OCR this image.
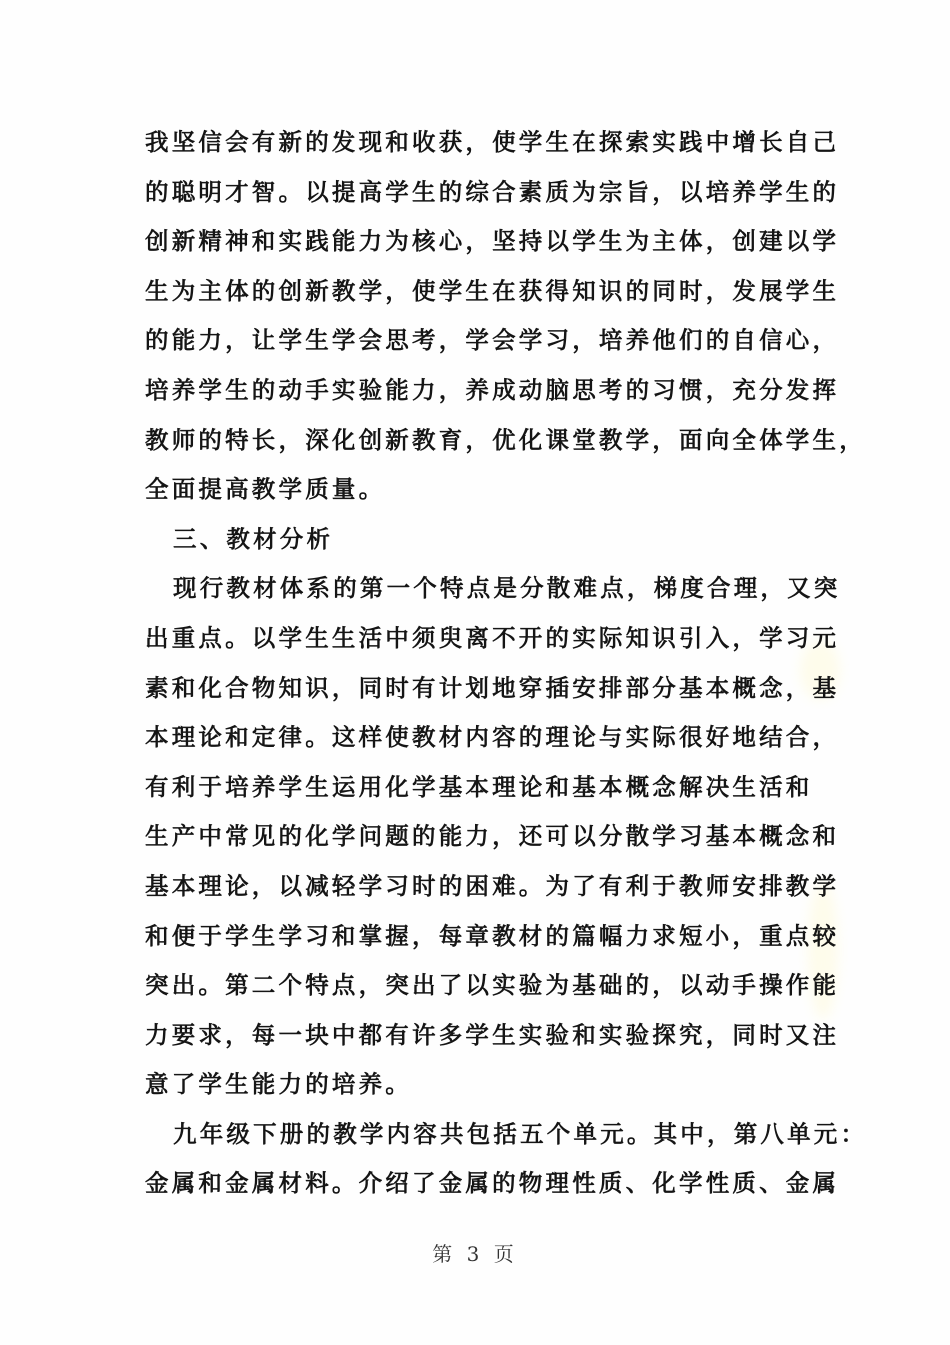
我坚信会有新的发现和收获，使学生在探索实践中增长自己
的聪明才智。以提高学生的综合素质为宗旨，以培养学生的
创新精神和实践能力为核心，坚持以学生为主体，创建以学
生为主体的创新教学，使学生在获得知识的同时，发展学生
的能力，让学生学会思考，学会学习，培养他们的自信心，
培养学生的动手实验能力，养成动脑思考的习惯，充分发挥
教师的特长，深化创新教育，优化课堂教学，面向全体学生，
全面提高教学质量。
三、教材分析
现行教材体系的第一个特点是分散难点，梯度合理，又突
出重点。以学生生活中须臾离不开的实际知识引入，学习元
素和化合物知识，同时有计划地穿插安排部分基本概念，基
本理论和定律。这样使教材内容的理论与实际很好地结合，
有利于培养学生运用化学基本理论和基本概念解决生活和
生产中常见的化学问题的能力，还可以分散学习基本概念和
基本理论，以减轻学习时的困难。为了有利于教师安排教学
和便于学生学习和掌握，每章教材的篇幅力求短小，重点较
突出。第二个特点，突出了以实验为基础的，以动手操作能
力要求，每一块中都有许多学生实验和实验探究，同时又注
意了学生能力的培养。
九年级下册的教学内容共包括五个单元。其中，第八单元：
金属和金属材料。介绍了金属的物理性质、化学性质、金属
第 3 页
